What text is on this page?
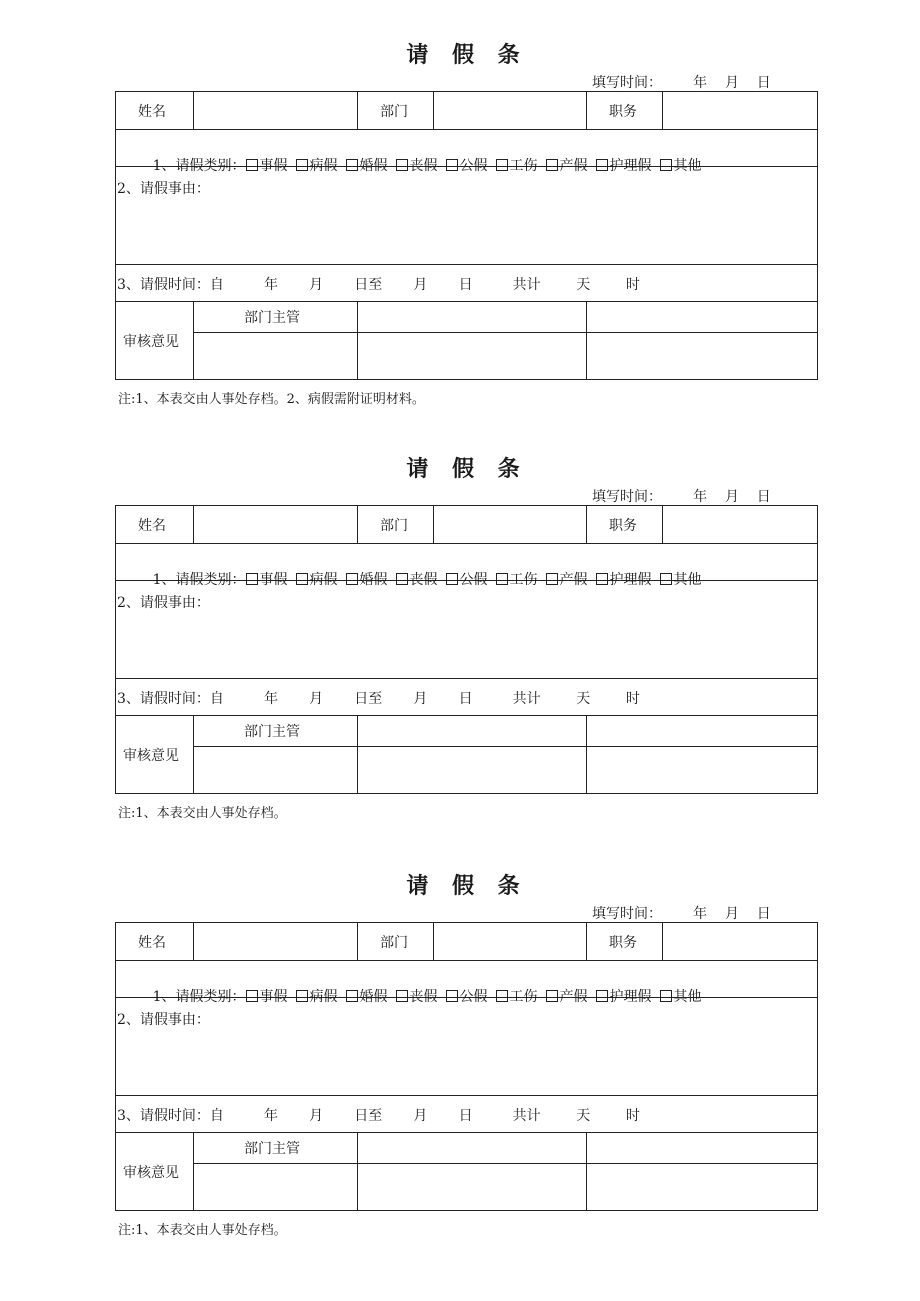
请 假 条
填写时间：       年    月    日
姓名	部门	职务

1、请假类别： 事假 病假 婚假 丧假 公假 工伤 产假 护理假 其他

2、请假事由：
3、请假时间：自         年       月       日至       月       日         共计        天        时
审核意见
部门主管
注:1、本表交由人事处存档。2、病假需附证明材料。
请 假 条
填写时间：       年    月    日
姓名	部门	职务

1、请假类别： 事假 病假 婚假 丧假 公假 工伤 产假 护理假 其他

2、请假事由：
3、请假时间：自         年       月       日至       月       日         共计        天        时
审核意见
部门主管
注:1、本表交由人事处存档。
请 假 条
填写时间：       年    月    日
姓名	部门	职务

1、请假类别： 事假 病假 婚假 丧假 公假 工伤 产假 护理假 其他

2、请假事由：
3、请假时间：自         年       月       日至       月       日         共计        天        时
审核意见
部门主管
注:1、本表交由人事处存档。
